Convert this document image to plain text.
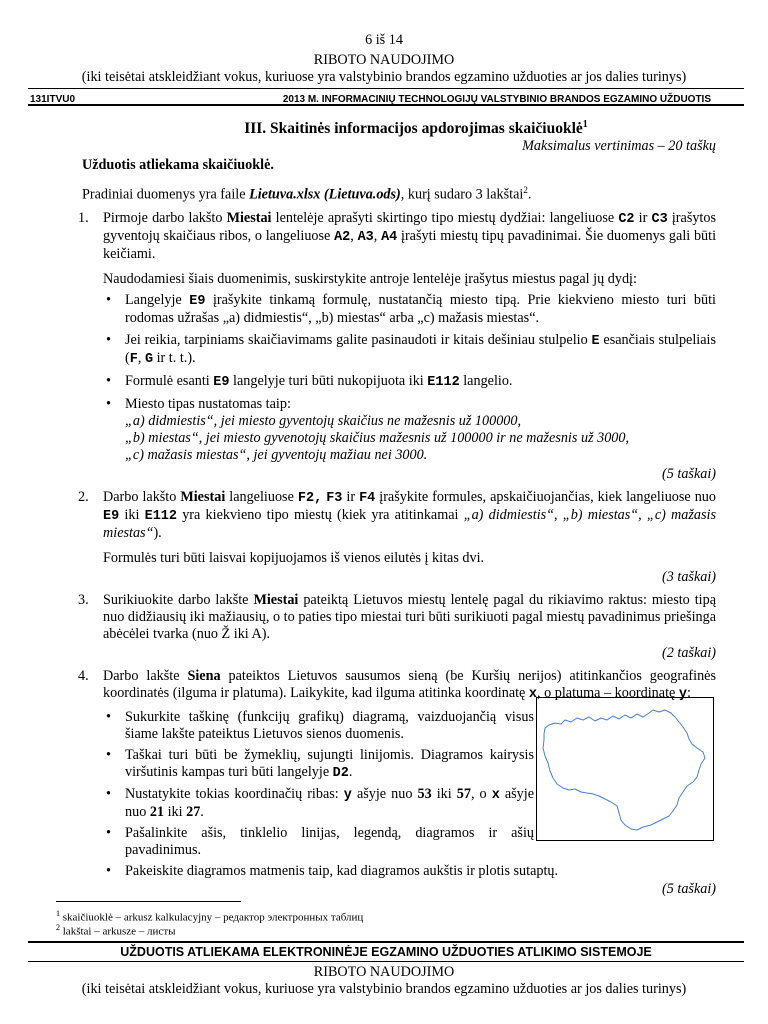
6 iš 14
RIBOTO NAUDOJIMO
(iki teisėtai atskleidžiant vokus, kuriuose yra valstybinio brandos egzamino užduoties ar jos dalies turinys)
131ITVU0	2013 M. INFORMACINIŲ TECHNOLOGIJŲ VALSTYBINIO BRANDOS EGZAMINO UŽDUOTIS
III. Skaitinės informacijos apdorojimas skaičiuoklė$^1$
Maksimalus vertinimas – 20 taškų

Užduotis atliekama skaičiuoklė.

Pradiniai duomenys yra faile Lietuva.xlsx (Lietuva.ods), kurį sudaro 3 lakštai$^2$.

1. Pirmoje darbo lakšto Miestai lentelėje aprašyti skirtingo tipo miestų dydžiai: langeliuose C2 ir C3 įrašytos gyventojų skaičiaus ribos, o langeliuose A2, A3, A4 įrašyti miestų tipų pavadinimai. Šie duomenys gali būti keičiami.
Naudodamiesi šiais duomenimis, suskirstykite antroje lentelėje įrašytus miestus pagal jų dydį:
• Langelyje E9 įrašykite tinkamą formulę, nustatančią miesto tipą. Prie kiekvieno miesto turi būti rodomas užrašas „a) didmiestis“, „b) miestas“ arba „c) mažasis miestas“.
• Jei reikia, tarpiniams skaičiavimams galite pasinaudoti ir kitais dešiniau stulpelio E esančiais stulpeliais (F, G ir t. t.).
• Formulė esanti E9 langelyje turi būti nukopijuota iki E112 langelio.
• Miesto tipas nustatomas taip:
„a) didmiestis“, jei miesto gyventojų skaičius ne mažesnis už 100000,
„b) miestas“, jei miesto gyvenotojų skaičius mažesnis už 100000 ir ne mažesnis už 3000,
„c) mažasis miestas“, jei gyventojų mažiau nei 3000.
(5 taškai)
2. Darbo lakšto Miestai langeliuose F2, F3 ir F4 įrašykite formules, apskaičiuojančias, kiek langeliuose nuo E9 iki E112 yra kiekvieno tipo miestų (kiek yra atitinkamai „a) didmiestis“, „b) miestas“, „c) mažasis miestas“).
Formulės turi būti laisvai kopijuojamos iš vienos eilutės į kitas dvi.
(3 taškai)
3. Surikiuokite darbo lakšte Miestai pateiktą Lietuvos miestų lentelę pagal du rikiavimo raktus: miesto tipą nuo didžiausių iki mažiausių, o to paties tipo miestai turi būti surikiuoti pagal miestų pavadinimus priešinga abėcėlei tvarka (nuo Ž iki A).
(2 taškai)
4. Darbo lakšte Siena pateiktos Lietuvos sausumos sieną (be Kuršių nerijos) atitinkančios geografinės koordinatės (ilguma ir platuma). Laikykite, kad ilguma atitinka koordinatę x, o platuma – koordinatę y:
• Sukurkite taškinę (funkcijų grafikų) diagramą, vaizduojančią visus šiame lakšte pateiktus Lietuvos sienos duomenis.
• Taškai turi būti be žymeklių, sujungti linijomis. Diagramos kairysis viršutinis kampas turi būti langelyje D2.
• Nustatykite tokias koordinačių ribas: y ašyje nuo 53 iki 57, o x ašyje nuo 21 iki 27.
• Pašalinkite ašis, tinklelio linijas, legendą, diagramos ir ašių pavadinimus.
• Pakeiskite diagramos matmenis taip, kad diagramos aukštis ir plotis sutaptų.
(5 taškai)
$^1$ skaičiuoklė – arkusz kalkulacyjny – редактор электронных таблиц
$^2$ lakštai – arkusze – листы
UŽDUOTIS ATLIEKAMA ELEKTRONINĖJE EGZAMINO UŽDUOTIES ATLIKIMO SISTEMOJE
RIBOTO NAUDOJIMO
(iki teisėtai atskleidžiant vokus, kuriuose yra valstybinio brandos egzamino užduoties ar jos dalies turinys)
